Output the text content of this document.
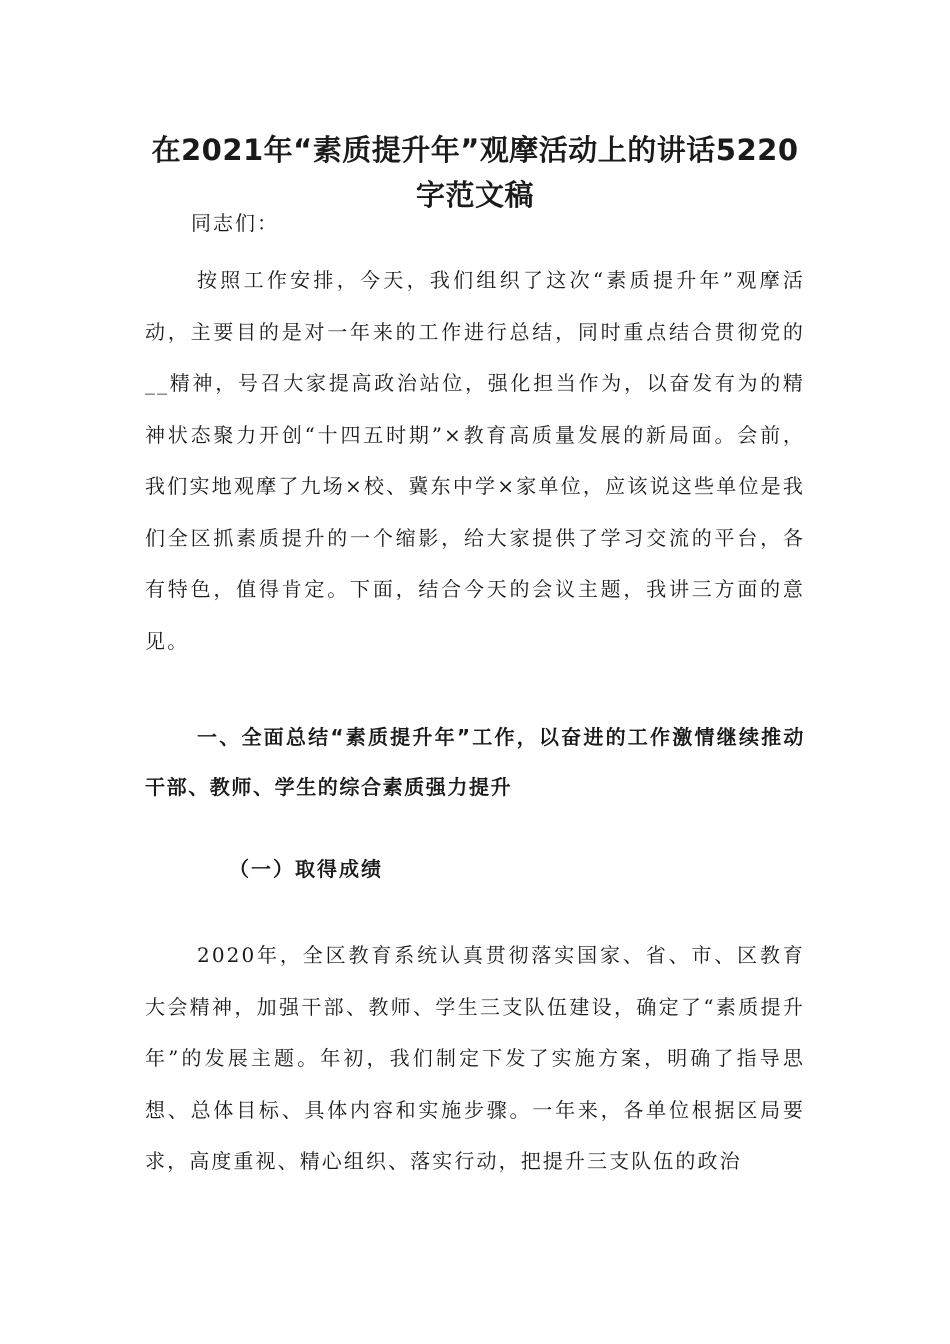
在2021年“素质提升年”观摩活动上的讲话5220字范文稿

同志们：

按照工作安排，今天，我们组织了这次“素质提升年”观摩活动，主要目的是对一年来的工作进行总结，同时重点结合贯彻党的__精神，号召大家提高政治站位，强化担当作为，以奋发有为的精神状态聚力开创“十四五时期”×教育高质量发展的新局面。会前，我们实地观摩了九场×校、冀东中学×家单位，应该说这些单位是我们全区抓素质提升的一个缩影，给大家提供了学习交流的平台，各有特色，值得肯定。下面，结合今天的会议主题，我讲三方面的意见。

一、全面总结“素质提升年”工作，以奋进的工作激情继续推动干部、教师、学生的综合素质强力提升
（一）取得成绩

2020年，全区教育系统认真贯彻落实国家、省、市、区教育大会精神，加强干部、教师、学生三支队伍建设，确定了“素质提升年”的发展主题。年初，我们制定下发了实施方案，明确了指导思想、总体目标、具体内容和实施步骤。一年来，各单位根据区局要求，高度重视、精心组织、落实行动，把提升三支队伍的政治
